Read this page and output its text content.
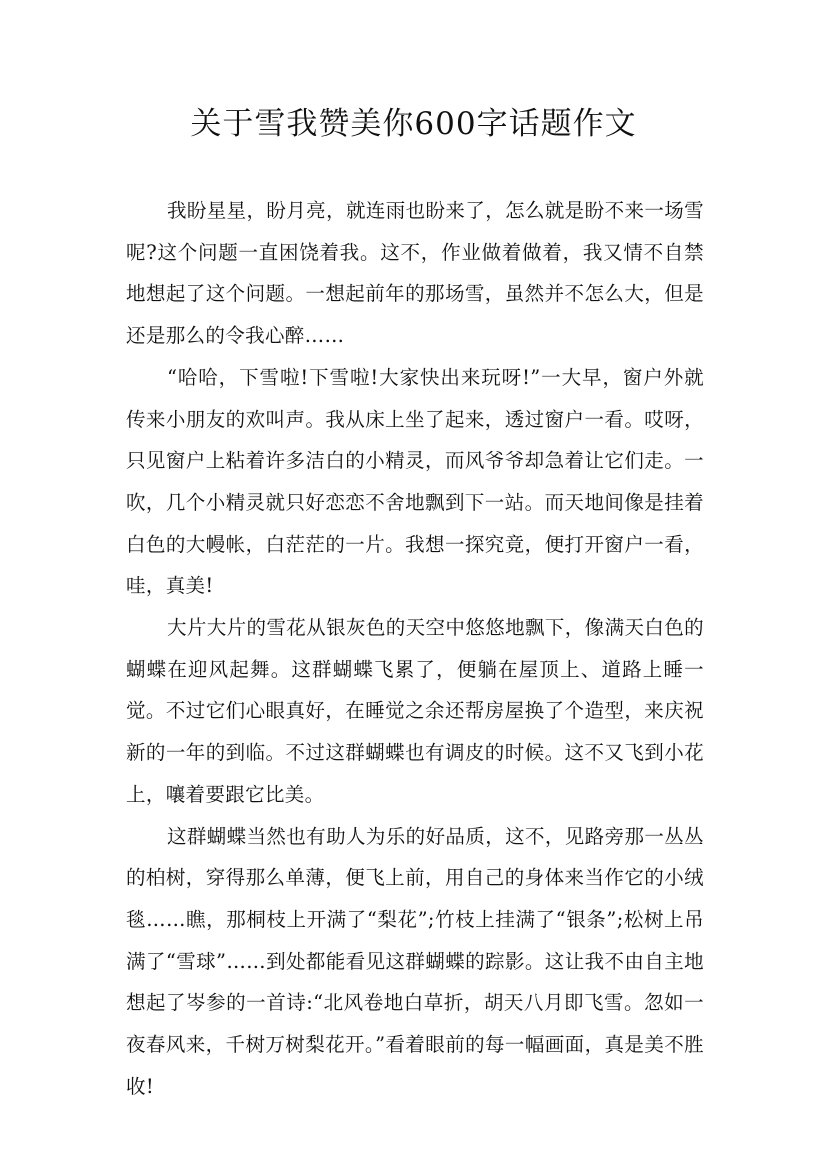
关于雪我赞美你600字话题作文

我盼星星，盼月亮，就连雨也盼来了，怎么就是盼不来一场雪呢?这个问题一直困饶着我。这不，作业做着做着，我又情不自禁地想起了这个问题。一想起前年的那场雪，虽然并不怎么大，但是还是那么的令我心醉……

“哈哈，下雪啦!下雪啦!大家快出来玩呀!”一大早，窗户外就传来小朋友的欢叫声。我从床上坐了起来，透过窗户一看。哎呀，只见窗户上粘着许多洁白的小精灵，而风爷爷却急着让它们走。一吹，几个小精灵就只好恋恋不舍地飘到下一站。而天地间像是挂着白色的大幔帐，白茫茫的一片。我想一探究竟，便打开窗户一看，哇，真美!

大片大片的雪花从银灰色的天空中悠悠地飘下，像满天白色的蝴蝶在迎风起舞。这群蝴蝶飞累了，便躺在屋顶上、道路上睡一觉。不过它们心眼真好，在睡觉之余还帮房屋换了个造型，来庆祝新的一年的到临。不过这群蝴蝶也有调皮的时候。这不又飞到小花上，嚷着要跟它比美。

这群蝴蝶当然也有助人为乐的好品质，这不，见路旁那一丛丛的柏树，穿得那么单薄，便飞上前，用自己的身体来当作它的小绒毯……瞧，那桐枝上开满了“梨花”;竹枝上挂满了“银条”;松树上吊满了“雪球”……到处都能看见这群蝴蝶的踪影。这让我不由自主地想起了岑参的一首诗:“北风卷地白草折，胡天八月即飞雪。忽如一夜春风来，千树万树梨花开。”看着眼前的每一幅画面，真是美不胜收!
